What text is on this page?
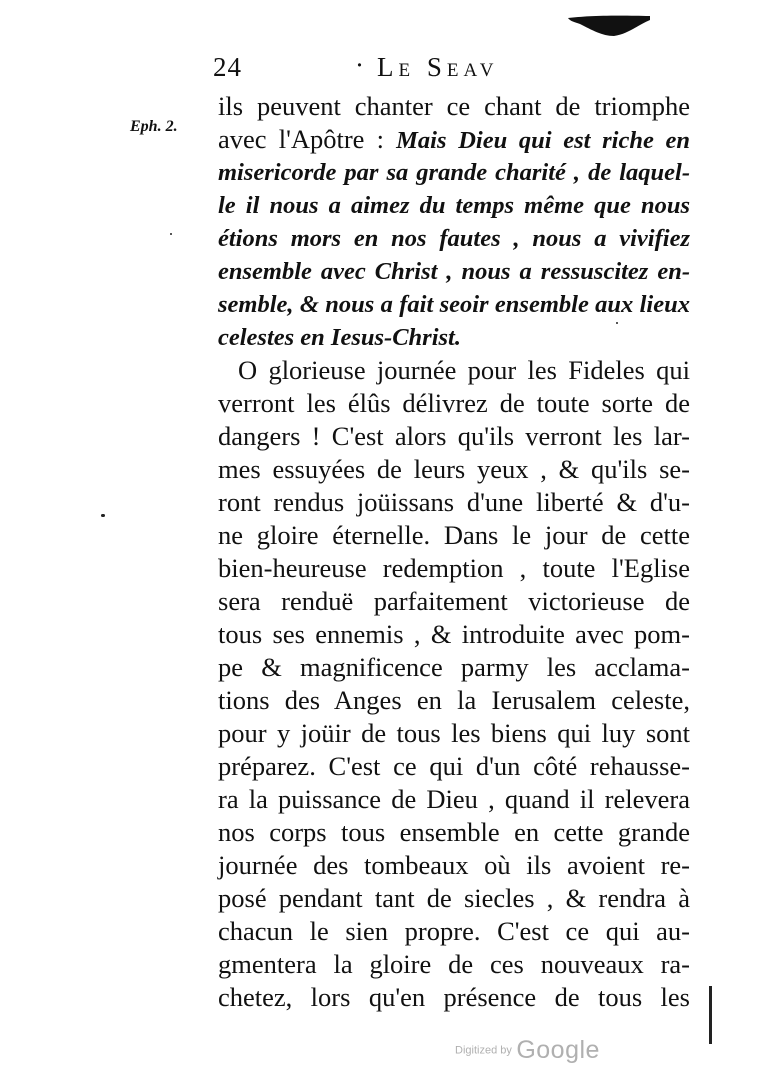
24	· Le Seav
Eph. 2.
ils peuvent chanter ce chant de triomphe
avec l'Apôtre : Mais Dieu qui est riche en
misericorde par sa grande charité , de laquel-
le il nous a aimez du temps même que nous
étions mors en nos fautes , nous a vivifiez
ensemble avec Christ , nous a ressuscitez en-
semble, & nous a fait seoir ensemble aux lieux
celestes en Iesus-Christ.
O glorieuse journée pour les Fideles qui
verront les élûs délivrez de toute sorte de
dangers ! C'est alors qu'ils verront les lar-
mes essuyées de leurs yeux , & qu'ils se-
ront rendus joüissans d'une liberté & d'u-
ne gloire éternelle. Dans le jour de cette
bien-heureuse redemption , toute l'Eglise
sera renduë parfaitement victorieuse de
tous ses ennemis , & introduite avec pom-
pe & magnificence parmy les acclama-
tions des Anges en la Ierusalem celeste,
pour y joüir de tous les biens qui luy sont
préparez. C'est ce qui d'un côté rehausse-
ra la puissance de Dieu , quand il relevera
nos corps tous ensemble en cette grande
journée des tombeaux où ils avoient re-
posé pendant tant de siecles , & rendra à
chacun le sien propre. C'est ce qui au-
gmentera la gloire de ces nouveaux ra-
chetez, lors qu'en présence de tous les
Digitized by Google
